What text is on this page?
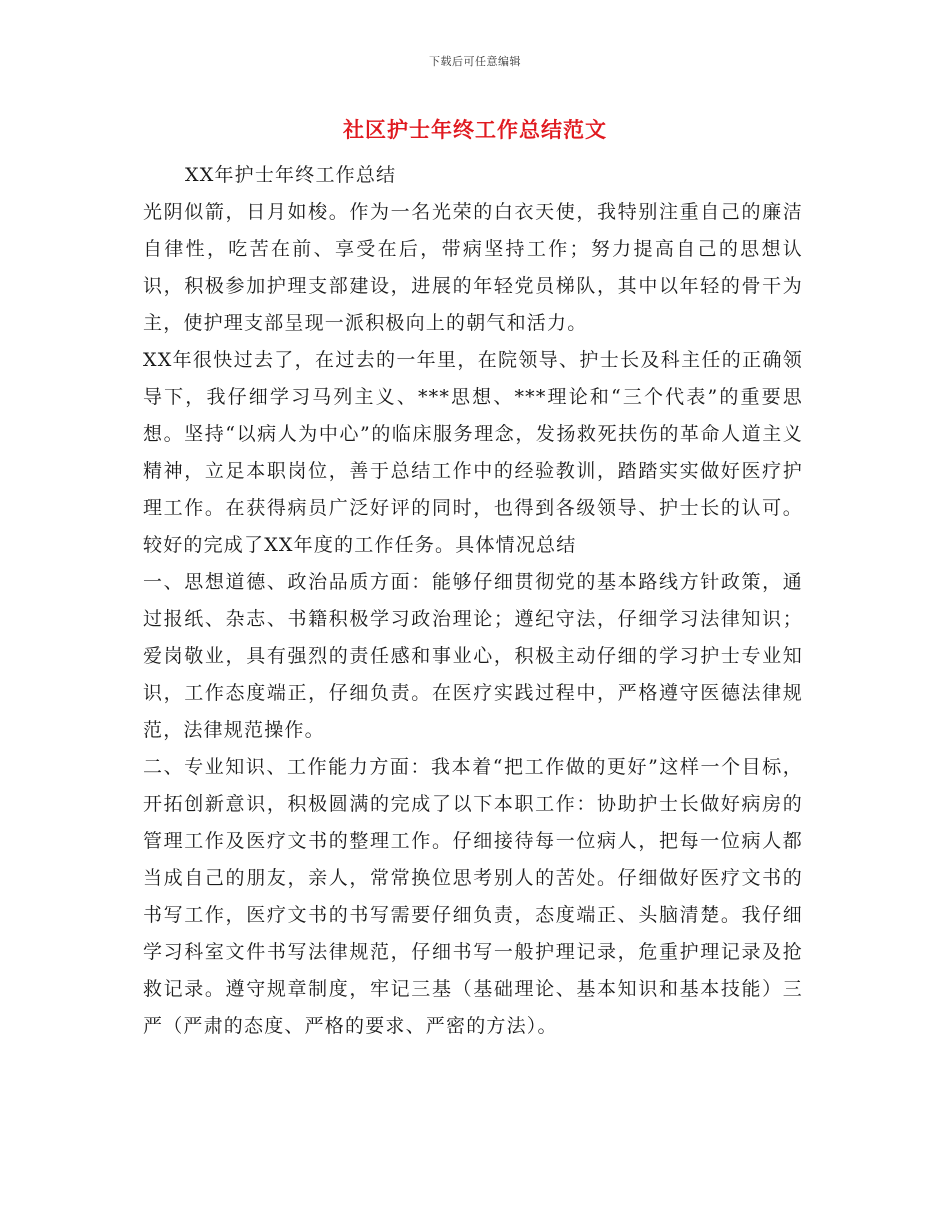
下载后可任意编辑
社区护士年终工作总结范文
XX年护士年终工作总结

光阴似箭，日月如梭。作为一名光荣的白衣天使，我特别注重自己的廉洁自律性，吃苦在前、享受在后，带病坚持工作；努力提高自己的思想认识，积极参加护理支部建设，进展的年轻党员梯队，其中以年轻的骨干为主，使护理支部呈现一派积极向上的朝气和活力。

XX年很快过去了，在过去的一年里，在院领导、护士长及科主任的正确领导下，我仔细学习马列主义、***思想、***理论和“三个代表”的重要思想。坚持“以病人为中心”的临床服务理念，发扬救死扶伤的革命人道主义精神，立足本职岗位，善于总结工作中的经验教训，踏踏实实做好医疗护理工作。在获得病员广泛好评的同时，也得到各级领导、护士长的认可。较好的完成了XX年度的工作任务。具体情况总结

一、思想道德、政治品质方面：能够仔细贯彻党的基本路线方针政策，通过报纸、杂志、书籍积极学习政治理论；遵纪守法，仔细学习法律知识；爱岗敬业，具有强烈的责任感和事业心，积极主动仔细的学习护士专业知识，工作态度端正，仔细负责。在医疗实践过程中，严格遵守医德法律规范，法律规范操作。

二、专业知识、工作能力方面：我本着“把工作做的更好”这样一个目标，开拓创新意识，积极圆满的完成了以下本职工作：协助护士长做好病房的管理工作及医疗文书的整理工作。仔细接待每一位病人，把每一位病人都当成自己的朋友，亲人，常常换位思考别人的苦处。仔细做好医疗文书的书写工作，医疗文书的书写需要仔细负责，态度端正、头脑清楚。我仔细学习科室文件书写法律规范，仔细书写一般护理记录，危重护理记录及抢救记录。遵守规章制度，牢记三基（基础理论、基本知识和基本技能）三严（严肃的态度、严格的要求、严密的方法）。
